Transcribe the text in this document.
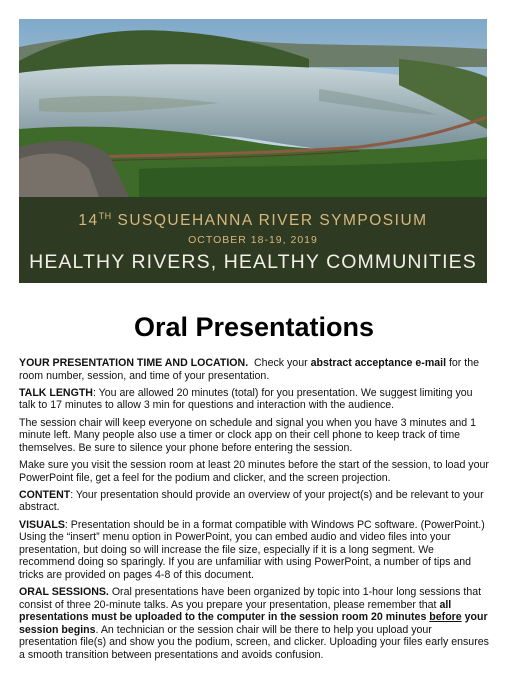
14TH SUSQUEHANNA RIVER SYMPOSIUM
OCTOBER 18-19, 2019
HEALTHY RIVERS, HEALTHY COMMUNITIES
Oral Presentations

YOUR PRESENTATION TIME AND LOCATION. Check your abstract acceptance e-mail for the room number, session, and time of your presentation.

TALK LENGTH: You are allowed 20 minutes (total) for you presentation. We suggest limiting you talk to 17 minutes to allow 3 min for questions and interaction with the audience.

The session chair will keep everyone on schedule and signal you when you have 3 minutes and 1 minute left. Many people also use a timer or clock app on their cell phone to keep track of time themselves. Be sure to silence your phone before entering the session.

Make sure you visit the session room at least 20 minutes before the start of the session, to load your PowerPoint file, get a feel for the podium and clicker, and the screen projection.

CONTENT: Your presentation should provide an overview of your project(s) and be relevant to your abstract.

VISUALS: Presentation should be in a format compatible with Windows PC software. (PowerPoint.) Using the “insert” menu option in PowerPoint, you can embed audio and video files into your presentation, but doing so will increase the file size, especially if it is a long segment. We recommend doing so sparingly. If you are unfamiliar with using PowerPoint, a number of tips and tricks are provided on pages 4-8 of this document.

ORAL SESSIONS. Oral presentations have been organized by topic into 1-hour long sessions that consist of three 20-minute talks. As you prepare your presentation, please remember that all presentations must be uploaded to the computer in the session room 20 minutes before your session begins. An technician or the session chair will be there to help you upload your presentation file(s) and show you the podium, screen, and clicker. Uploading your files early ensures a smooth transition between presentations and avoids confusion.
